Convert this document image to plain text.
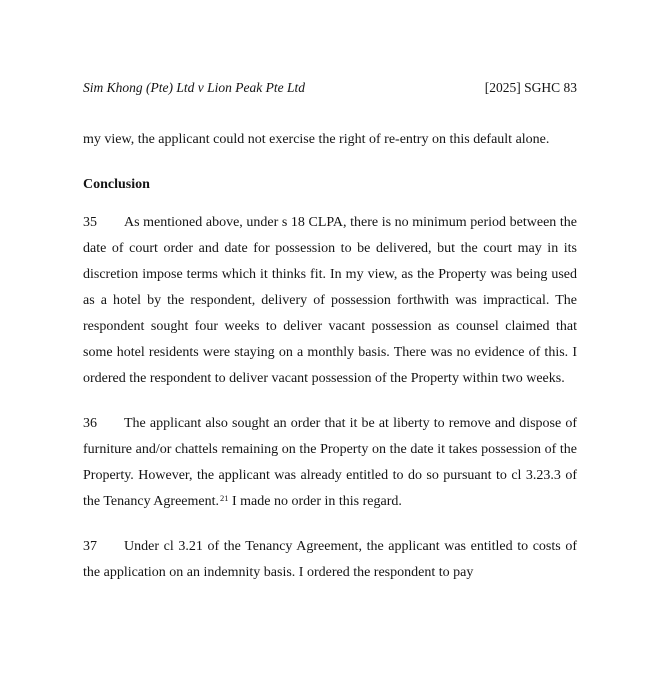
Sim Khong (Pte) Ltd v Lion Peak Pte Ltd	[2025] SGHC 83

my view, the applicant could not exercise the right of re-entry on this default alone.

Conclusion

35 As mentioned above, under s 18 CLPA, there is no minimum period between the date of court order and date for possession to be delivered, but the court may in its discretion impose terms which it thinks fit. In my view, as the Property was being used as a hotel by the respondent, delivery of possession forthwith was impractical. The respondent sought four weeks to deliver vacant possession as counsel claimed that some hotel residents were staying on a monthly basis. There was no evidence of this. I ordered the respondent to deliver vacant possession of the Property within two weeks.

36 The applicant also sought an order that it be at liberty to remove and dispose of furniture and/or chattels remaining on the Property on the date it takes possession of the Property. However, the applicant was already entitled to do so pursuant to cl 3.23.3 of the Tenancy Agreement.$^{21}$ I made no order in this regard.

37 Under cl 3.21 of the Tenancy Agreement, the applicant was entitled to costs of the application on an indemnity basis. I ordered the respondent to pay
